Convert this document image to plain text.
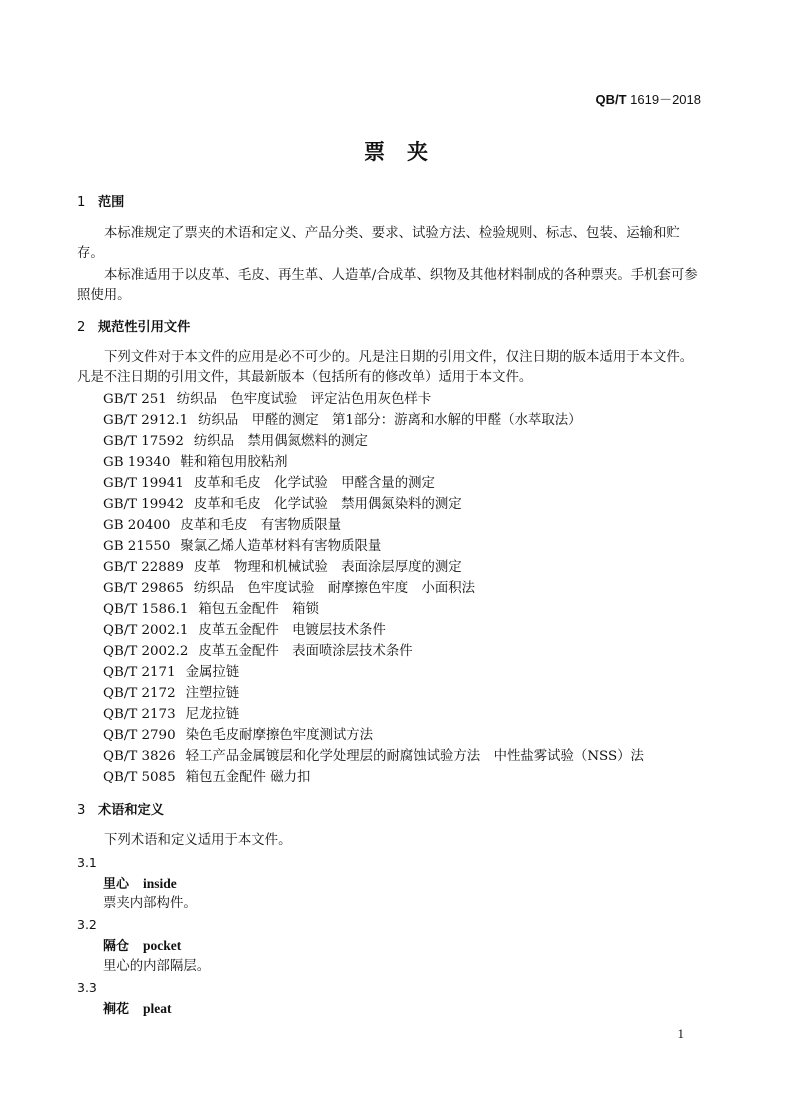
QB/T 1619－2018
票夹
1 范围
本标准规定了票夹的术语和定义、产品分类、要求、试验方法、检验规则、标志、包装、运输和贮存。
本标准适用于以皮革、毛皮、再生革、人造革/合成革、织物及其他材料制成的各种票夹。手机套可参照使用。
2 规范性引用文件
下列文件对于本文件的应用是必不可少的。凡是注日期的引用文件，仅注日期的版本适用于本文件。凡是不注日期的引用文件，其最新版本（包括所有的修改单）适用于本文件。
GB/T 251 纺织品　色牢度试验　评定沾色用灰色样卡
GB/T 2912.1 纺织品　甲醛的测定　第1部分：游离和水解的甲醛（水萃取法）
GB/T 17592 纺织品　禁用偶氮燃料的测定
GB 19340 鞋和箱包用胶粘剂
GB/T 19941 皮革和毛皮　化学试验　甲醛含量的测定
GB/T 19942 皮革和毛皮　化学试验　禁用偶氮染料的测定
GB 20400 皮革和毛皮　有害物质限量
GB 21550 聚氯乙烯人造革材料有害物质限量
GB/T 22889 皮革　物理和机械试验　表面涂层厚度的测定
GB/T 29865 纺织品　色牢度试验　耐摩擦色牢度　小面积法
QB/T 1586.1 箱包五金配件　箱锁
QB/T 2002.1 皮革五金配件　电镀层技术条件
QB/T 2002.2 皮革五金配件　表面喷涂层技术条件
QB/T 2171 金属拉链
QB/T 2172 注塑拉链
QB/T 2173 尼龙拉链
QB/T 2790 染色毛皮耐摩擦色牢度测试方法
QB/T 3826 轻工产品金属镀层和化学处理层的耐腐蚀试验方法　中性盐雾试验（NSS）法
QB/T 5085 箱包五金配件 磁力扣
3 术语和定义
下列术语和定义适用于本文件。
3.1
里心 inside
票夹内部构件。
3.2
隔仓 pocket
里心的内部隔层。
3.3
裥花 pleat
1
